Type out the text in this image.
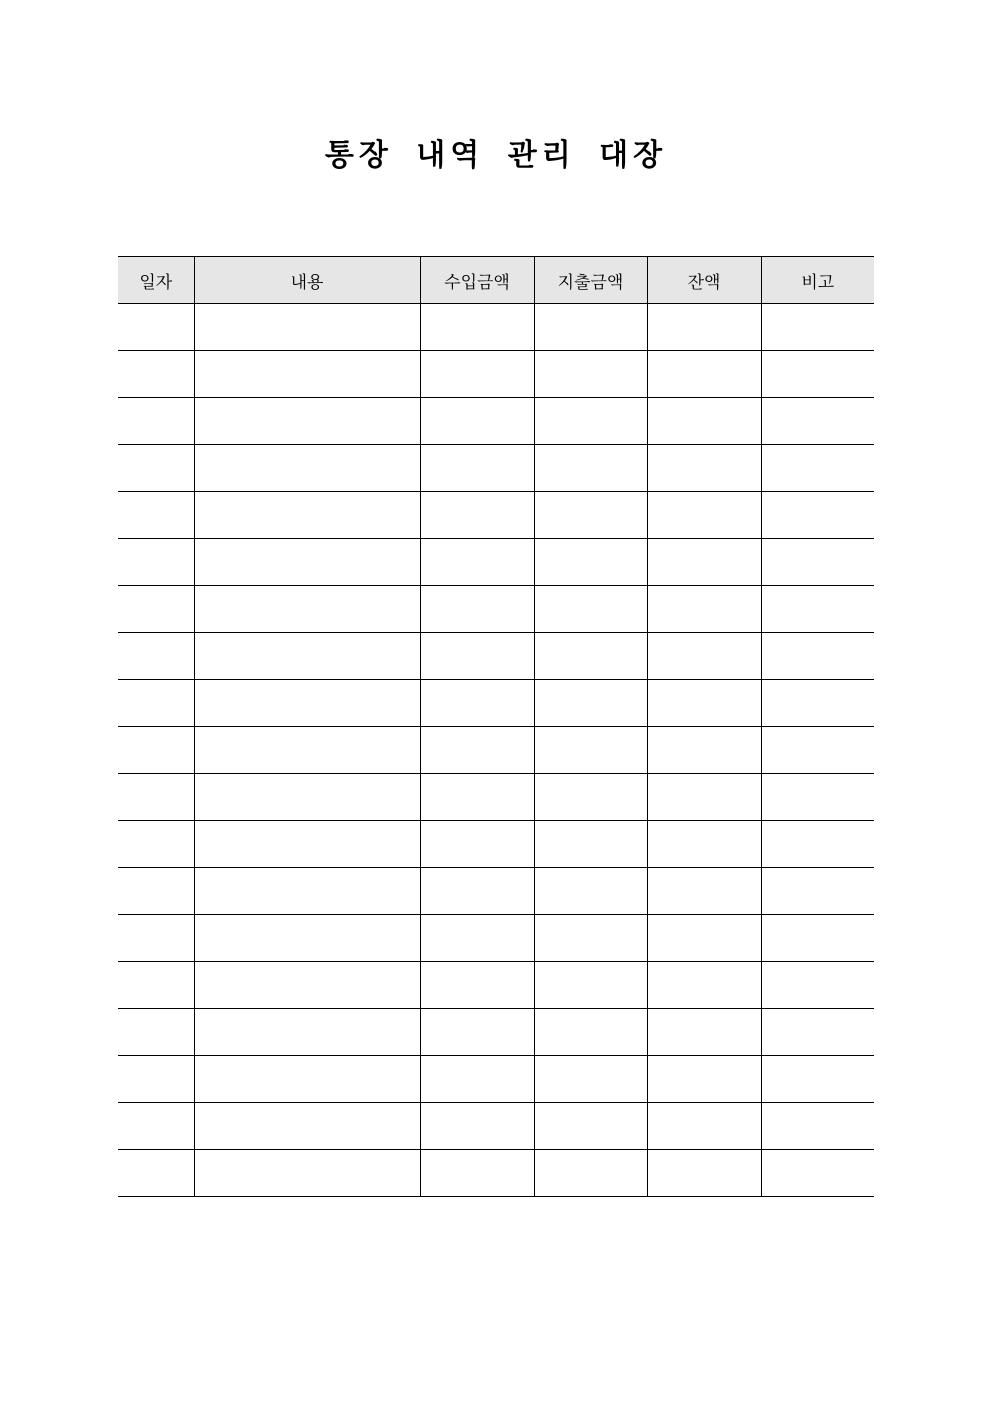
통장 내역 관리 대장
일자	내용	수입금액	지출금액	잔액	비고
